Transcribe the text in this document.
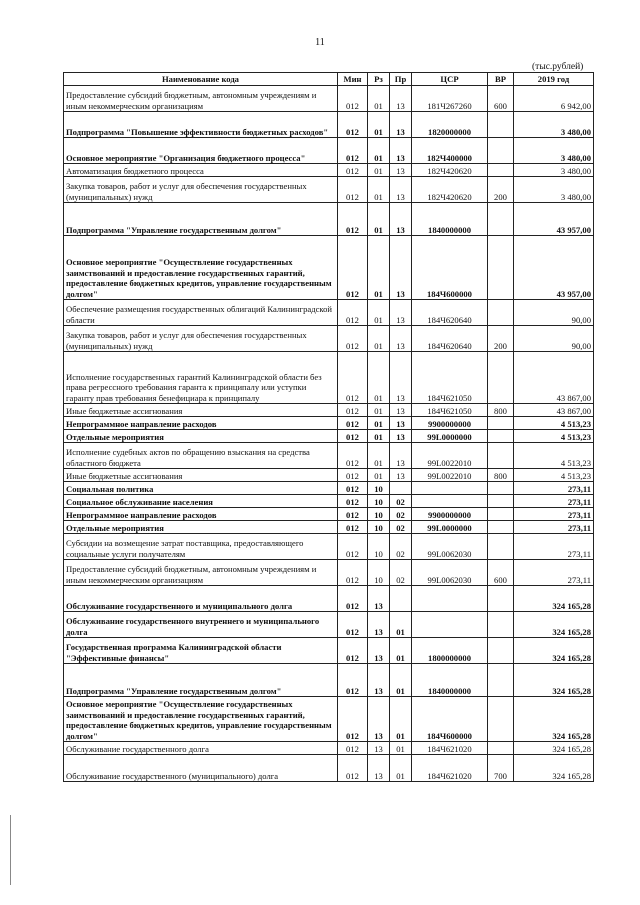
11
(тыс.рублей)
Наименование кода	Мин	Рз	Пр	ЦСР	ВР	2019 год
Предоставление субсидий бюджетным, автономным учреждениям и иным некоммерческим организациям	012	01	13	181Ч267260	600	6 942,00
Подпрограмма "Повышение эффективности бюджетных расходов"	012	01	13	1820000000		3 480,00
Основное мероприятие "Организация бюджетного процесса"	012	01	13	182Ч400000		3 480,00
Автоматизация бюджетного процесса	012	01	13	182Ч420620		3 480,00
Закупка товаров, работ и услуг для обеспечения государственных (муниципальных) нужд	012	01	13	182Ч420620	200	3 480,00
Подпрограмма "Управление государственным долгом"	012	01	13	1840000000		43 957,00
Основное мероприятие "Осуществление государственных заимствований и предоставление государственных гарантий, предоставление бюджетных кредитов, управление государственным долгом"	012	01	13	184Ч600000		43 957,00
Обеспечение размещения государственных облигаций Калининградской области	012	01	13	184Ч620640		90,00
Закупка товаров, работ и услуг для обеспечения государственных (муниципальных) нужд	012	01	13	184Ч620640	200	90,00
Исполнение государственных гарантий Калининградской области без права регрессного требования гаранта к принципалу или уступки гаранту прав требования бенефициара к принципалу	012	01	13	184Ч621050		43 867,00
Иные бюджетные ассигнования	012	01	13	184Ч621050	800	43 867,00
Непрограммное направление расходов	012	01	13	9900000000		4 513,23
Отдельные мероприятия	012	01	13	99L0000000		4 513,23
Исполнение судебных актов по обращению взыскания на средства областного бюджета	012	01	13	99L0022010		4 513,23
Иные бюджетные ассигнования	012	01	13	99L0022010	800	4 513,23
Социальная политика	012	10				273,11
Социальное обслуживание населения	012	10	02			273,11
Непрограммное направление расходов	012	10	02	9900000000		273,11
Отдельные мероприятия	012	10	02	99L0000000		273,11
Субсидии на возмещение затрат поставщика, предоставляющего социальные услуги получателям	012	10	02	99L0062030		273,11
Предоставление субсидий бюджетным, автономным учреждениям и иным некоммерческим организациям	012	10	02	99L0062030	600	273,11
Обслуживание государственного и муниципального долга	012	13				324 165,28
Обслуживание государственного внутреннего и муниципального долга	012	13	01			324 165,28
Государственная программа Калининградской области "Эффективные финансы"	012	13	01	1800000000		324 165,28
Подпрограмма "Управление государственным долгом"	012	13	01	1840000000		324 165,28
Основное мероприятие "Осуществление государственных заимствований и предоставление государственных гарантий, предоставление бюджетных кредитов, управление государственным долгом"	012	13	01	184Ч600000		324 165,28
Обслуживание государственного долга	012	13	01	184Ч621020		324 165,28
Обслуживание государственного (муниципального) долга	012	13	01	184Ч621020	700	324 165,28
